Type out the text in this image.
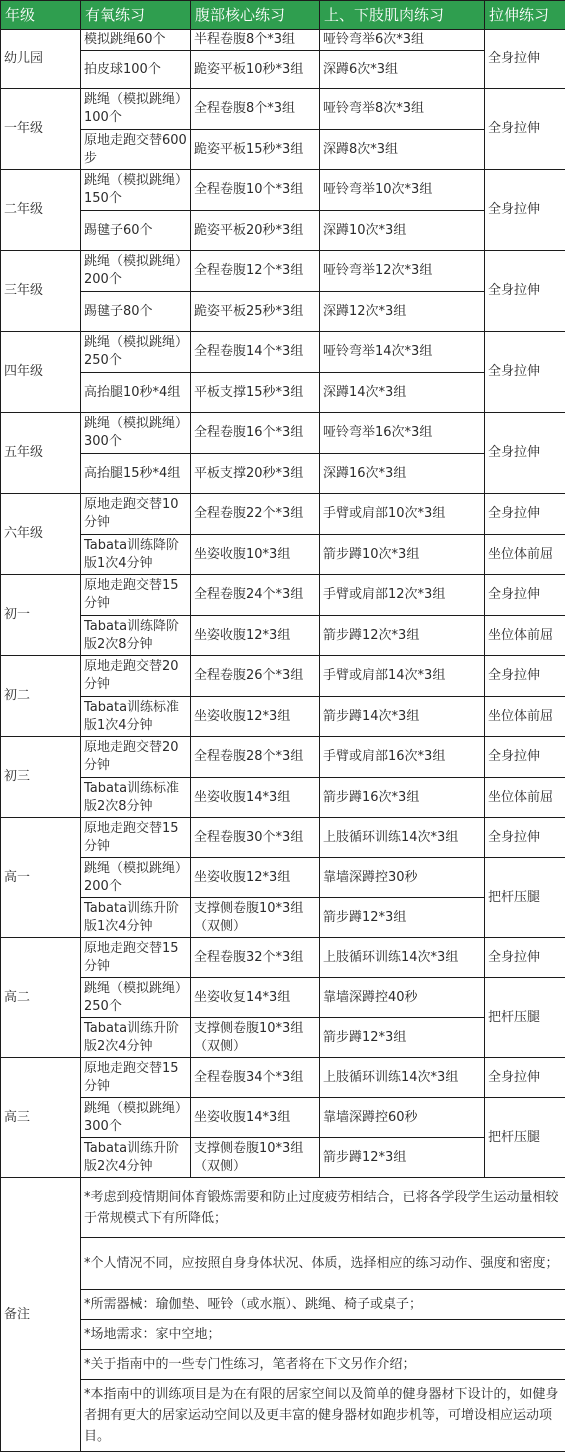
年级	有氧练习	腹部核心练习	上、下肢肌肉练习	拉伸练习
幼儿园	模拟跳绳60个	半程卷腹8个*3组	哑铃弯举6次*3组	全身拉伸
	拍皮球100个	跪姿平板10秒*3组	深蹲6次*3组	
一年级	跳绳（模拟跳绳）100个	全程卷腹8个*3组	哑铃弯举8次*3组	全身拉伸
	原地走跑交替600步	跪姿平板15秒*3组	深蹲8次*3组	
二年级	跳绳（模拟跳绳）150个	全程卷腹10个*3组	哑铃弯举10次*3组	全身拉伸
	踢毽子60个	跪姿平板20秒*3组	深蹲10次*3组	
三年级	跳绳（模拟跳绳）200个	全程卷腹12个*3组	哑铃弯举12次*3组	全身拉伸
	踢毽子80个	跪姿平板25秒*3组	深蹲12次*3组	
四年级	跳绳（模拟跳绳）250个	全程卷腹14个*3组	哑铃弯举14次*3组	全身拉伸
	高抬腿10秒*4组	平板支撑15秒*3组	深蹲14次*3组	
五年级	跳绳（模拟跳绳）300个	全程卷腹16个*3组	哑铃弯举16次*3组	全身拉伸
	高抬腿15秒*4组	平板支撑20秒*3组	深蹲16次*3组	
六年级	原地走跑交替10分钟	全程卷腹22个*3组	手臂或肩部10次*3组	全身拉伸
	Tabata训练降阶版1次4分钟	坐姿收腹10*3组	箭步蹲10次*3组	坐位体前屈
初一	原地走跑交替15分钟	全程卷腹24个*3组	手臂或肩部12次*3组	全身拉伸
	Tabata训练降阶版2次8分钟	坐姿收腹12*3组	箭步蹲12次*3组	坐位体前屈
初二	原地走跑交替20分钟	全程卷腹26个*3组	手臂或肩部14次*3组	全身拉伸
	Tabata训练标准版1次4分钟	坐姿收腹12*3组	箭步蹲14次*3组	坐位体前屈
初三	原地走跑交替20分钟	全程卷腹28个*3组	手臂或肩部16次*3组	全身拉伸
	Tabata训练标准版2次8分钟	坐姿收腹14*3组	箭步蹲16次*3组	坐位体前屈
高一	原地走跑交替15分钟	全程卷腹30个*3组	上肢循环训练14次*3组	全身拉伸
	跳绳（模拟跳绳）200个	坐姿收腹12*3组	靠墙深蹲控30秒	把杆压腿
	Tabata训练升阶版1次4分钟	支撑侧卷腹10*3组（双侧）	箭步蹲12*3组	
高二	原地走跑交替15分钟	全程卷腹32个*3组	上肢循环训练14次*3组	全身拉伸
	跳绳（模拟跳绳）250个	坐姿收复14*3组	靠墙深蹲控40秒	把杆压腿
	Tabata训练升阶版2次4分钟	支撑侧卷腹10*3组（双侧）	箭步蹲12*3组	
高三	原地走跑交替15分钟	全程卷腹34个*3组	上肢循环训练14次*3组	全身拉伸
	跳绳（模拟跳绳）300个	坐姿收腹14*3组	靠墙深蹲控60秒	把杆压腿
	Tabata训练升阶版2次4分钟	支撑侧卷腹10*3组（双侧）	箭步蹲12*3组	
备注	*考虑到疫情期间体育锻炼需要和防止过度疲劳相结合，已将各学段学生运动量相较于常规模式下有所降低；			
	*个人情况不同，应按照自身身体状况、体质，选择相应的练习动作、强度和密度；			
	*所需器械：瑜伽垫、哑铃（或水瓶）、跳绳、椅子或桌子；			
	*场地需求：家中空地；			
	*关于指南中的一些专门性练习，笔者将在下文另作介绍；			
	*本指南中的训练项目是为在有限的居家空间以及简单的健身器材下设计的，如健身者拥有更大的居家运动空间以及更丰富的健身器材如跑步机等，可增设相应运动项目。			
